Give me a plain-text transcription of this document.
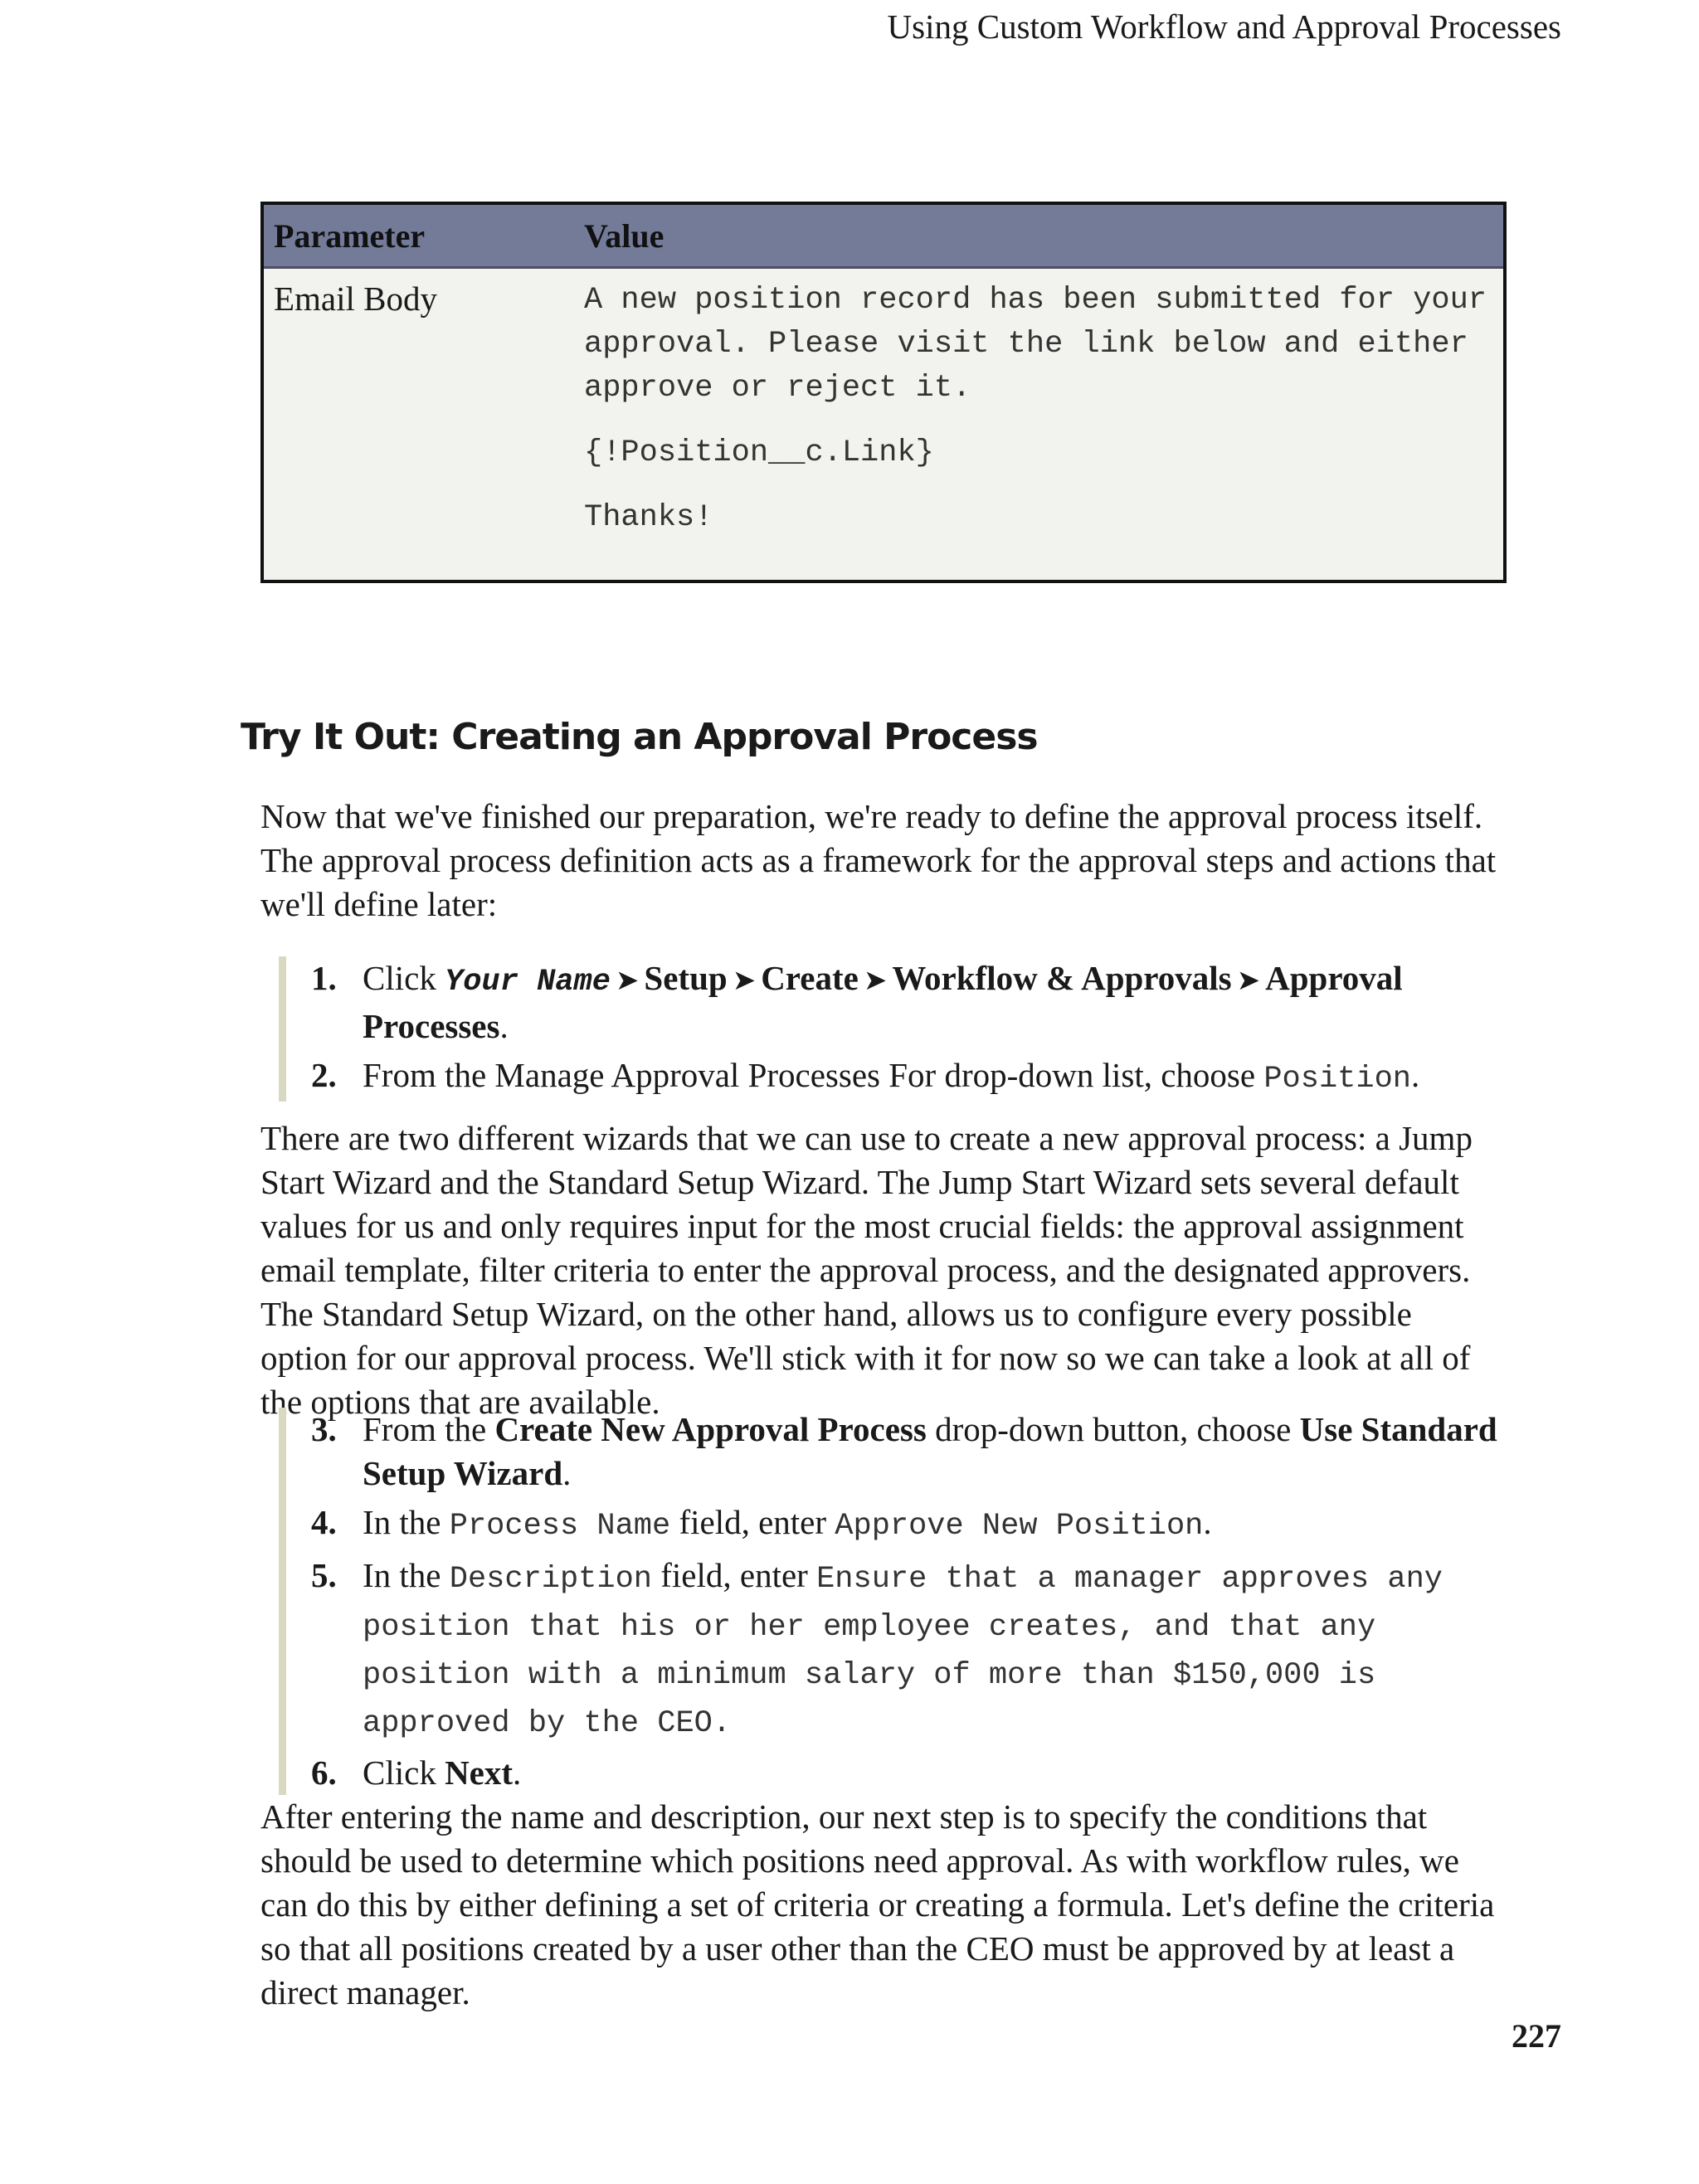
Using Custom Workflow and Approval Processes
Parameter	Value
Email Body	A new position record has been submitted for your approval. Please visit the link below and either approve or reject it.

{!Position__c.Link}

Thanks!

Try It Out: Creating an Approval Process

Now that we've finished our preparation, we're ready to define the approval process itself. The approval process definition acts as a framework for the approval steps and actions that we'll define later:

1. Click Your Name ➤ Setup ➤ Create ➤ Workflow & Approvals ➤ Approval Processes.
2. From the Manage Approval Processes For drop-down list, choose Position.

There are two different wizards that we can use to create a new approval process: a Jump Start Wizard and the Standard Setup Wizard. The Jump Start Wizard sets several default values for us and only requires input for the most crucial fields: the approval assignment email template, filter criteria to enter the approval process, and the designated approvers. The Standard Setup Wizard, on the other hand, allows us to configure every possible option for our approval process. We'll stick with it for now so we can take a look at all of the options that are available.

3. From the Create New Approval Process drop-down button, choose Use Standard Setup Wizard.
4. In the Process Name field, enter Approve New Position.
5. In the Description field, enter Ensure that a manager approves any position that his or her employee creates, and that any position with a minimum salary of more than $150,000 is approved by the CEO.
6. Click Next.

After entering the name and description, our next step is to specify the conditions that should be used to determine which positions need approval. As with workflow rules, we can do this by either defining a set of criteria or creating a formula. Let's define the criteria so that all positions created by a user other than the CEO must be approved by at least a direct manager.

227
